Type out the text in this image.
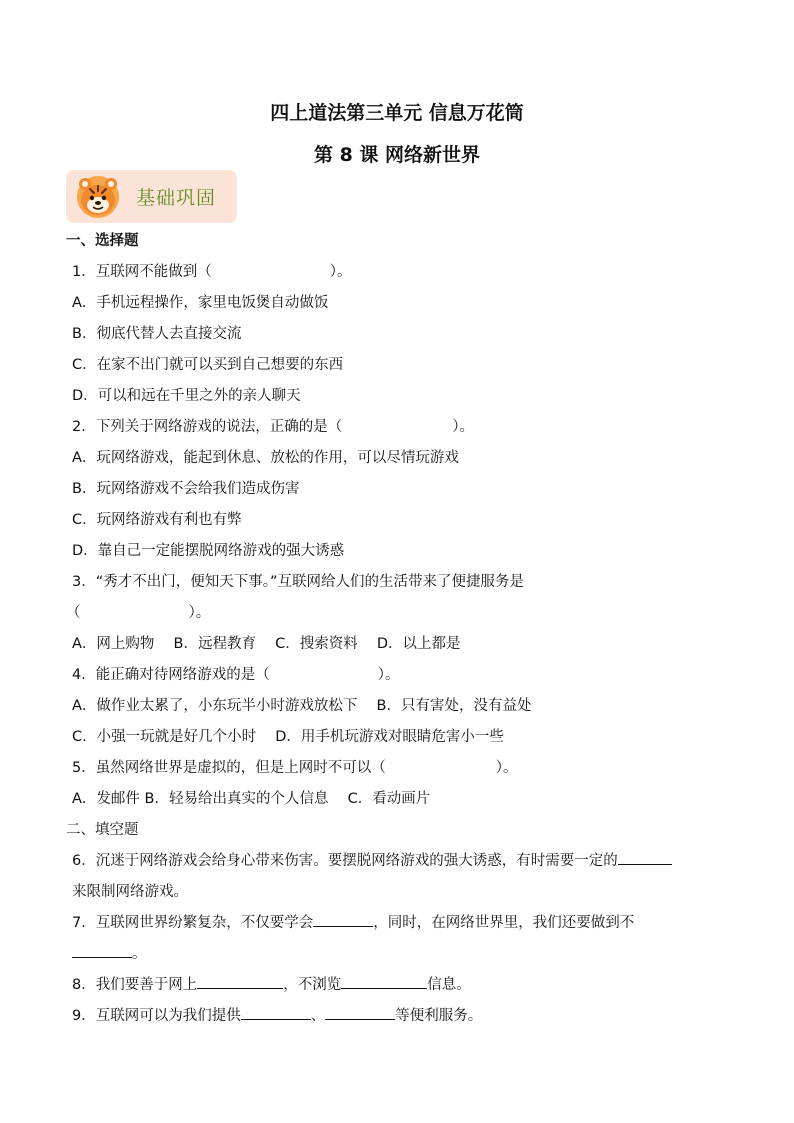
四上道法第三单元 信息万花筒
第 8 课 网络新世界
基础巩固
一、选择题
1．互联网不能做到（	）。
A．手机远程操作，家里电饭煲自动做饭
B．彻底代替人去直接交流
C．在家不出门就可以买到自己想要的东西
D．可以和远在千里之外的亲人聊天
2．下列关于网络游戏的说法，正确的是（	）。
A．玩网络游戏，能起到休息、放松的作用，可以尽情玩游戏
B．玩网络游戏不会给我们造成伤害
C．玩网络游戏有利也有弊
D．靠自己一定能摆脱网络游戏的强大诱惑
3．“秀才不出门，便知天下事。”互联网给人们的生活带来了便捷服务是
（	）。
A．网上购物　 B．远程教育　 C．搜索资料　 D．以上都是
4．能正确对待网络游戏的是（	）。
A．做作业太累了，小东玩半小时游戏放松下　 B．只有害处，没有益处
C．小强一玩就是好几个小时　 D．用手机玩游戏对眼睛危害小一些
5．虽然网络世界是虚拟的，但是上网时不可以（	）。
A．发邮件 B．轻易给出真实的个人信息　 C．看动画片
二、填空题
6．沉迷于网络游戏会给身心带来伤害。要摆脱网络游戏的强大诱惑，有时需要一定的
来限制网络游戏。
7．互联网世界纷繁复杂，不仅要学会	，同时，在网络世界里，我们还要做到不
。
8．我们要善于网上	，不浏览	信息。
9．互联网可以为我们提供	、	等便利服务。
